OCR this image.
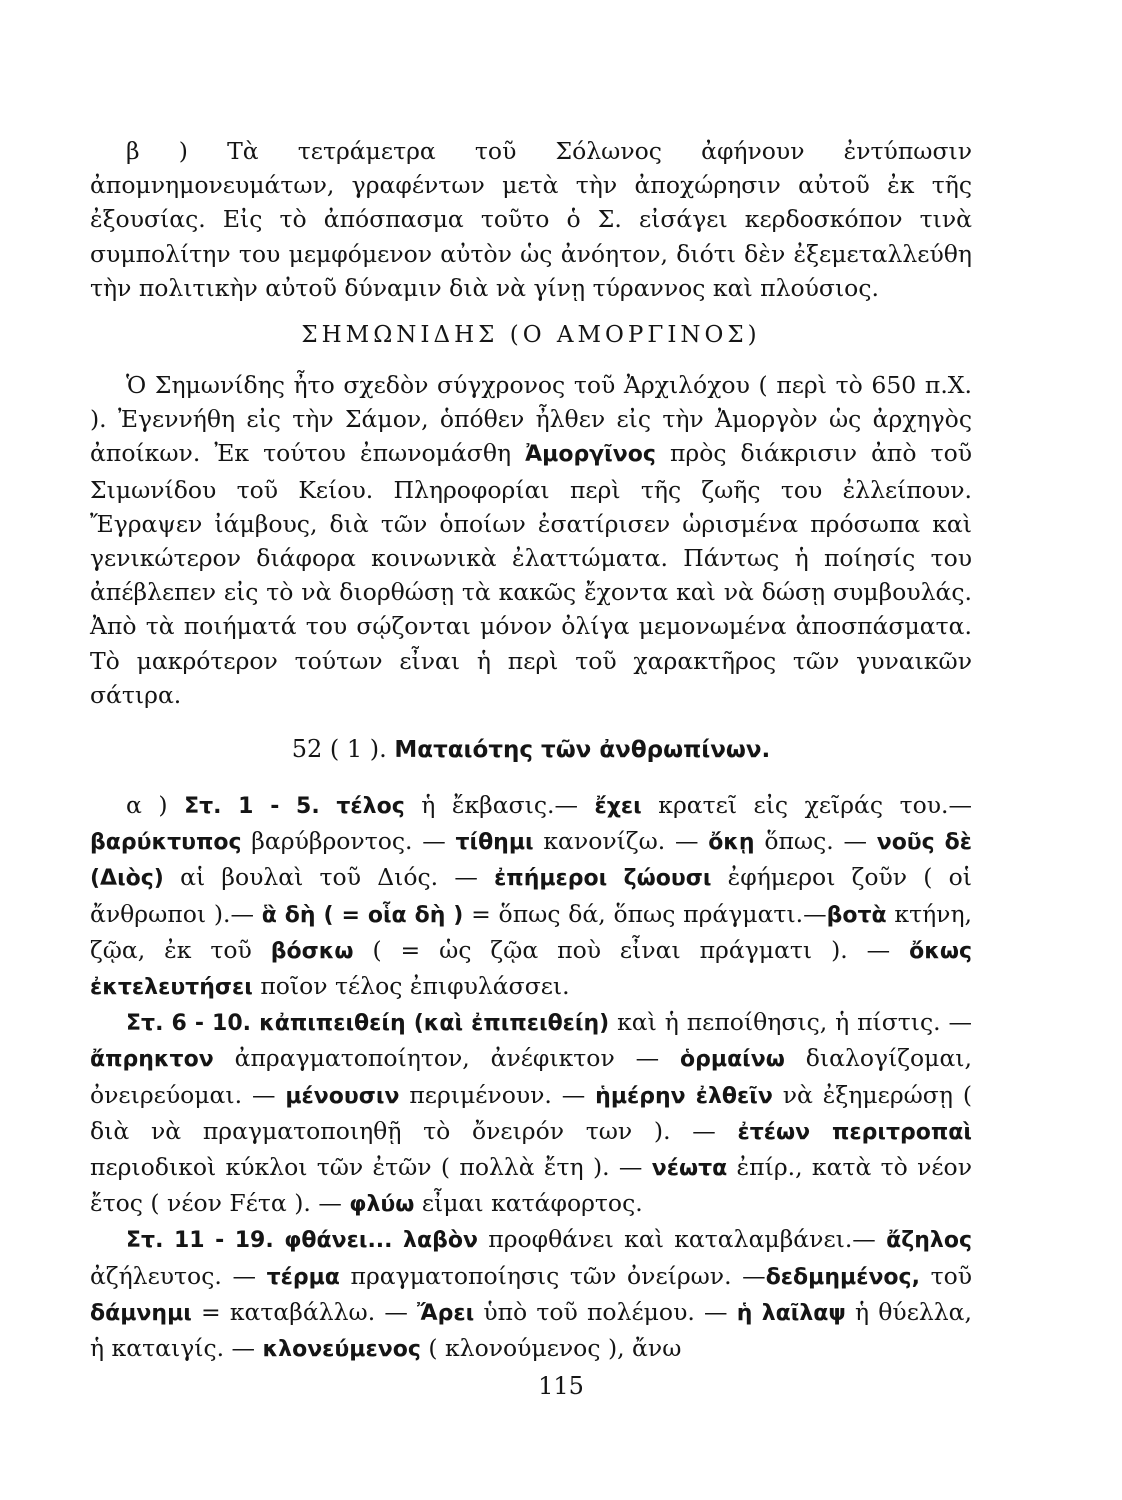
β ) Τὰ τετράμετρα τοῦ Σόλωνος ἀφήνουν ἐντύπωσιν ἀπομνημονευμάτων, γραφέντων μετὰ τὴν ἀποχώρησιν αὐτοῦ ἐκ τῆς ἐξουσίας. Εἰς τὸ ἀπόσπασμα τοῦτο ὁ Σ. εἰσάγει κερδοσκόπον τινὰ συμπολίτην του μεμφόμενον αὐτὸν ὡς ἀνόητον, διότι δὲν ἐξεμεταλλεύθη τὴν πολιτικὴν αὐτοῦ δύναμιν διὰ νὰ γίνῃ τύραννος καὶ πλούσιος.

ΣΗΜΩΝΙΔΗΣ (Ο ΑΜΟΡΓΙΝΟΣ)

Ὁ Σημωνίδης ἦτο σχεδὸν σύγχρονος τοῦ Ἀρχιλόχου ( περὶ τὸ 650 π.Χ. ). Ἐγεννήθη εἰς τὴν Σάμον, ὁπόθεν ἦλθεν εἰς τὴν Ἀμοργὸν ὡς ἀρχηγὸς ἀποίκων. Ἐκ τούτου ἐπωνομάσθη Ἀμοργῖνος πρὸς διάκρισιν ἀπὸ τοῦ Σιμωνίδου τοῦ Κείου. Πληροφορίαι περὶ τῆς ζωῆς του ἐλλείπουν. Ἔγραψεν ἰάμβους, διὰ τῶν ὁποίων ἐσατίρισεν ὡρισμένα πρόσωπα καὶ γενικώτερον διάφορα κοινωνικὰ ἐλαττώματα. Πάντως ἡ ποίησίς του ἀπέβλεπεν εἰς τὸ νὰ διορθώσῃ τὰ κακῶς ἔχοντα καὶ νὰ δώσῃ συμβουλάς. Ἀπὸ τὰ ποιήματά του σῴζονται μόνον ὀλίγα μεμονωμένα ἀποσπάσματα. Τὸ μακρότερον τούτων εἶναι ἡ περὶ τοῦ χαρακτῆρος τῶν γυναικῶν σάτιρα.

52 ( 1 ). Ματαιότης τῶν ἀνθρωπίνων.

α ) Στ. 1 - 5. τέλος ἡ ἔκβασις.— ἔχει κρατεῖ εἰς χεῖράς του.—βαρύκτυπος βαρύβροντος. — τίθημι κανονίζω. — ὄκῃ ὅπως. — νοῦς δὲ (Διὸς) αἱ βουλαὶ τοῦ Διός. — ἐπήμεροι ζώουσι ἐφήμεροι ζοῦν ( οἱ ἄνθρωποι ).— ἃ δὴ ( = οἷα δὴ ) = ὅπως δά, ὅπως πράγματι.—βοτὰ κτήνη, ζῷα, ἐκ τοῦ βόσκω ( = ὡς ζῷα ποὺ εἶναι πράγματι ). — ὄκως ἐκτελευτήσει ποῖον τέλος ἐπιφυλάσσει.

Στ. 6 - 10. κἀπιπειθείη (καὶ ἐπιπειθείη) καὶ ἡ πεποίθησις, ἡ πίστις. — ἄπρηκτον ἀπραγματοποίητον, ἀνέφικτον — ὁρμαίνω διαλογίζομαι, ὀνειρεύομαι. — μένουσιν περιμένουν. — ἡμέρην ἐλθεῖν νὰ ἐξημερώσῃ ( διὰ νὰ πραγματοποιηθῇ τὸ ὄνειρόν των ). — ἐτέων περιτροπαὶ περιοδικοὶ κύκλοι τῶν ἐτῶν ( πολλὰ ἔτη ). — νέωτα ἐπίρ., κατὰ τὸ νέον ἔτος ( νέον Fέτα ). — φλύω εἶμαι κατάφορτος.

Στ. 11 - 19. φθάνει... λαβὸν προφθάνει καὶ καταλαμβάνει.— ἄζηλος ἀζήλευτος. — τέρμα πραγματοποίησις τῶν ὀνείρων. —δεδμημένος, τοῦ δάμνημι = καταβάλλω. — Ἄρει ὑπὸ τοῦ πολέμου. — ἡ λαῖλαψ ἡ θύελλα, ἡ καταιγίς. — κλονεύμενος ( κλονούμενος ), ἄνω

115
